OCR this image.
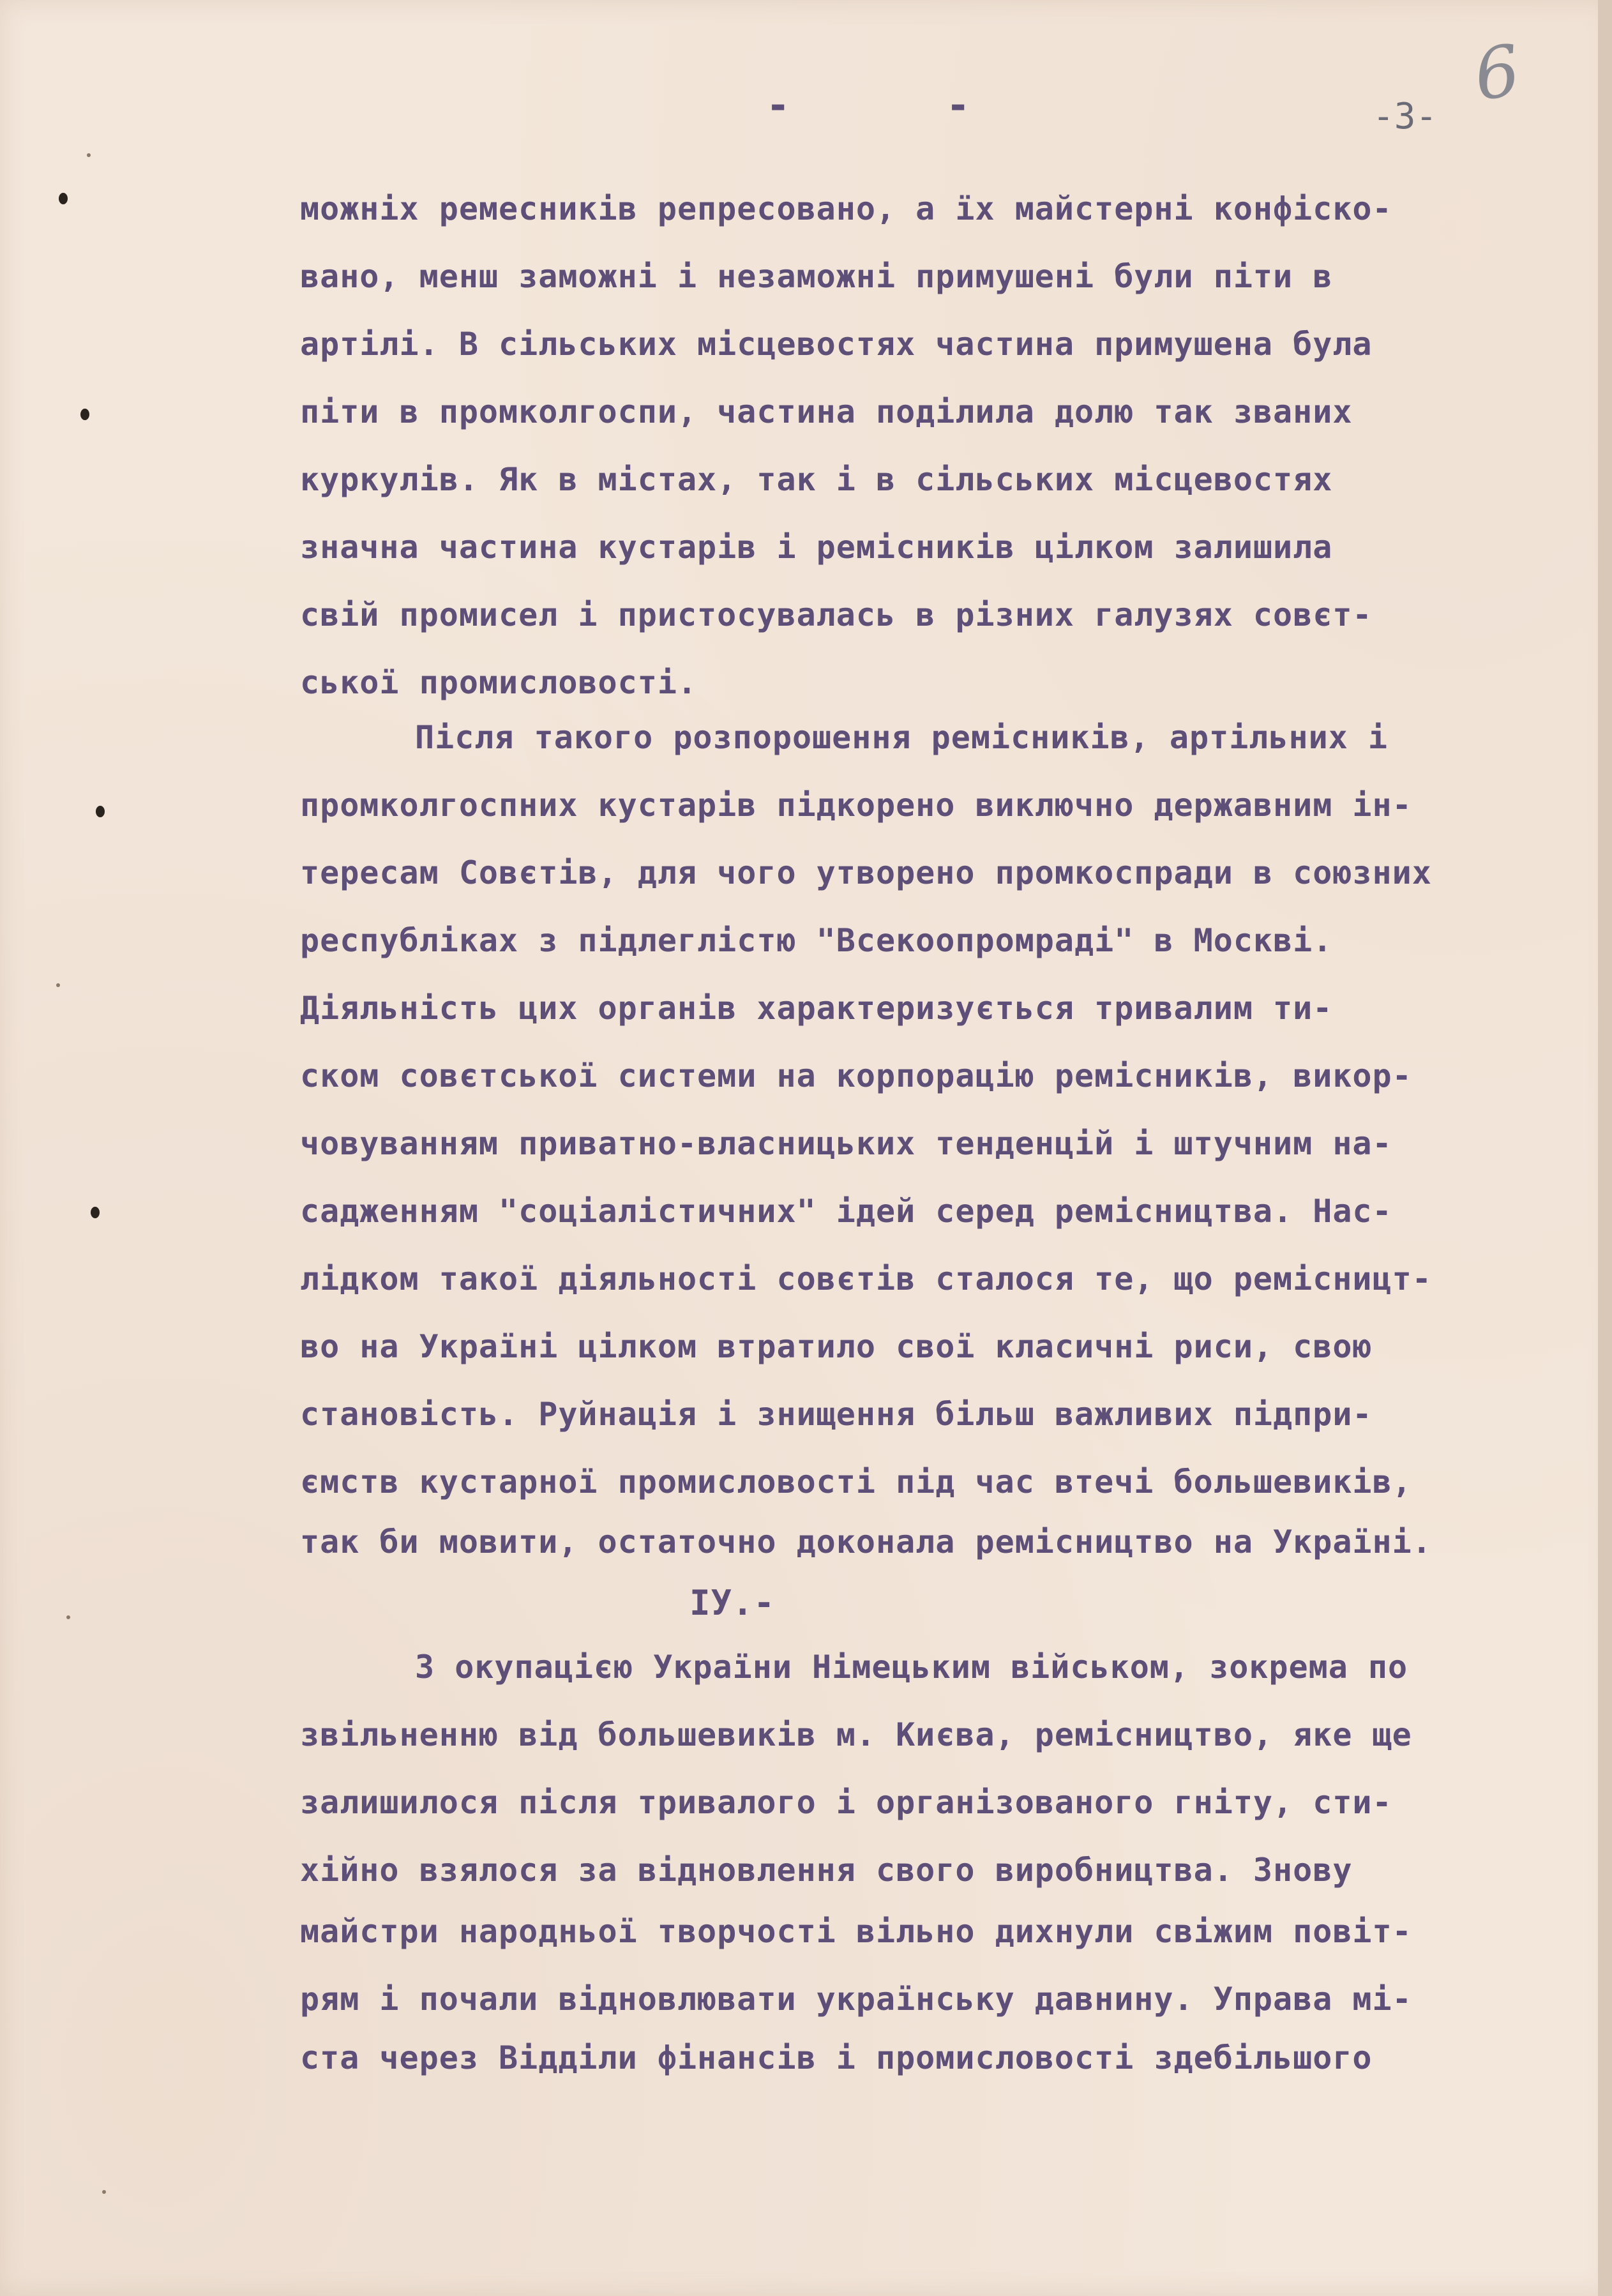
-	-	-3-
6
можніх ремесників репресовано, а їх майстерні конфіско-
вано, менш заможні і незаможні примушені були піти в
артілі. В сільських місцевостях частина примушена була
піти в промколгоспи, частина поділила долю так званих
куркулів. Як в містах, так і в сільських місцевостях
значна частина кустарів і ремісників цілком залишила
свій промисел і пристосувалась в різних галузях совєт-
ської промисловості.
Після такого розпорошення ремісників, артільних і
промколгоспних кустарів підкорено виключно державним ін-
тересам Совєтів, для чого утворено промкоспради в союзних
республіках з підлеглістю "Всекоопромраді" в Москві.
Діяльність цих органів характеризується тривалим ти-
ском совєтської системи на корпорацію ремісників, викор-
човуванням приватно-власницьких тенденцій і штучним на-
садженням "соціалістичних" ідей серед ремісництва. Нас-
лідком такої діяльності совєтів сталося те, що ремісницт-
во на Україні цілком втратило свої класичні риси, свою
становість. Руйнація і знищення більш важливих підпри-
ємств кустарної промисловості під час втечі большевиків,
так би мовити, остаточно доконала ремісництво на Україні.
IУ.-
З окупацією України Німецьким військом, зокрема по
звільненню від большевиків м. Києва, ремісництво, яке ще
залишилося після тривалого і організованого гніту, сти-
хійно взялося за відновлення свого виробництва. Знову
майстри народньої творчості вільно дихнули свіжим повіт-
рям і почали відновлювати українську давнину. Управа мі-
ста через Відділи фінансів і промисловості здебільшого
